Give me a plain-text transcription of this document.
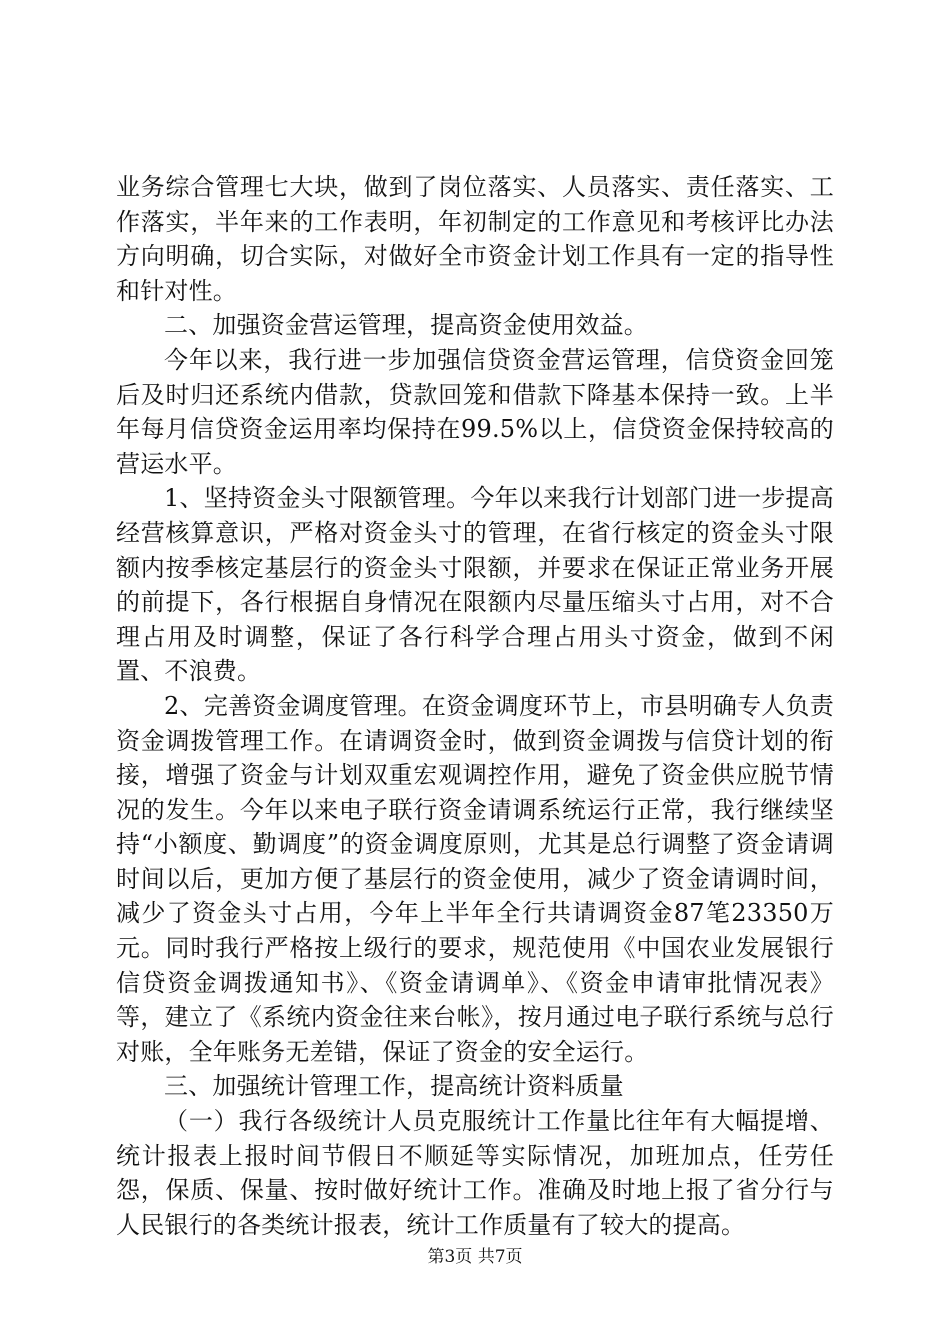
业务综合管理七大块，做到了岗位落实、人员落实、责任落实、工作落实，半年来的工作表明，年初制定的工作意见和考核评比办法方向明确，切合实际，对做好全市资金计划工作具有一定的指导性和针对性。

二、加强资金营运管理，提高资金使用效益。

今年以来，我行进一步加强信贷资金营运管理，信贷资金回笼后及时归还系统内借款，贷款回笼和借款下降基本保持一致。上半年每月信贷资金运用率均保持在99.5%以上，信贷资金保持较高的营运水平。

1、坚持资金头寸限额管理。今年以来我行计划部门进一步提高经营核算意识，严格对资金头寸的管理，在省行核定的资金头寸限额内按季核定基层行的资金头寸限额，并要求在保证正常业务开展的前提下，各行根据自身情况在限额内尽量压缩头寸占用，对不合理占用及时调整，保证了各行科学合理占用头寸资金，做到不闲置、不浪费。

2、完善资金调度管理。在资金调度环节上，市县明确专人负责资金调拨管理工作。在请调资金时，做到资金调拨与信贷计划的衔接，增强了资金与计划双重宏观调控作用，避免了资金供应脱节情况的发生。今年以来电子联行资金请调系统运行正常，我行继续坚持“小额度、勤调度”的资金调度原则，尤其是总行调整了资金请调时间以后，更加方便了基层行的资金使用，减少了资金请调时间，减少了资金头寸占用，今年上半年全行共请调资金87笔23350万元。同时我行严格按上级行的要求，规范使用《中国农业发展银行信贷资金调拨通知书》、《资金请调单》、《资金申请审批情况表》等，建立了《系统内资金往来台帐》，按月通过电子联行系统与总行对账，全年账务无差错，保证了资金的安全运行。

三、加强统计管理工作，提高统计资料质量

（一）我行各级统计人员克服统计工作量比往年有大幅提增、统计报表上报时间节假日不顺延等实际情况，加班加点，任劳任怨，保质、保量、按时做好统计工作。准确及时地上报了省分行与人民银行的各类统计报表，统计工作质量有了较大的提高。

第3页 共7页
